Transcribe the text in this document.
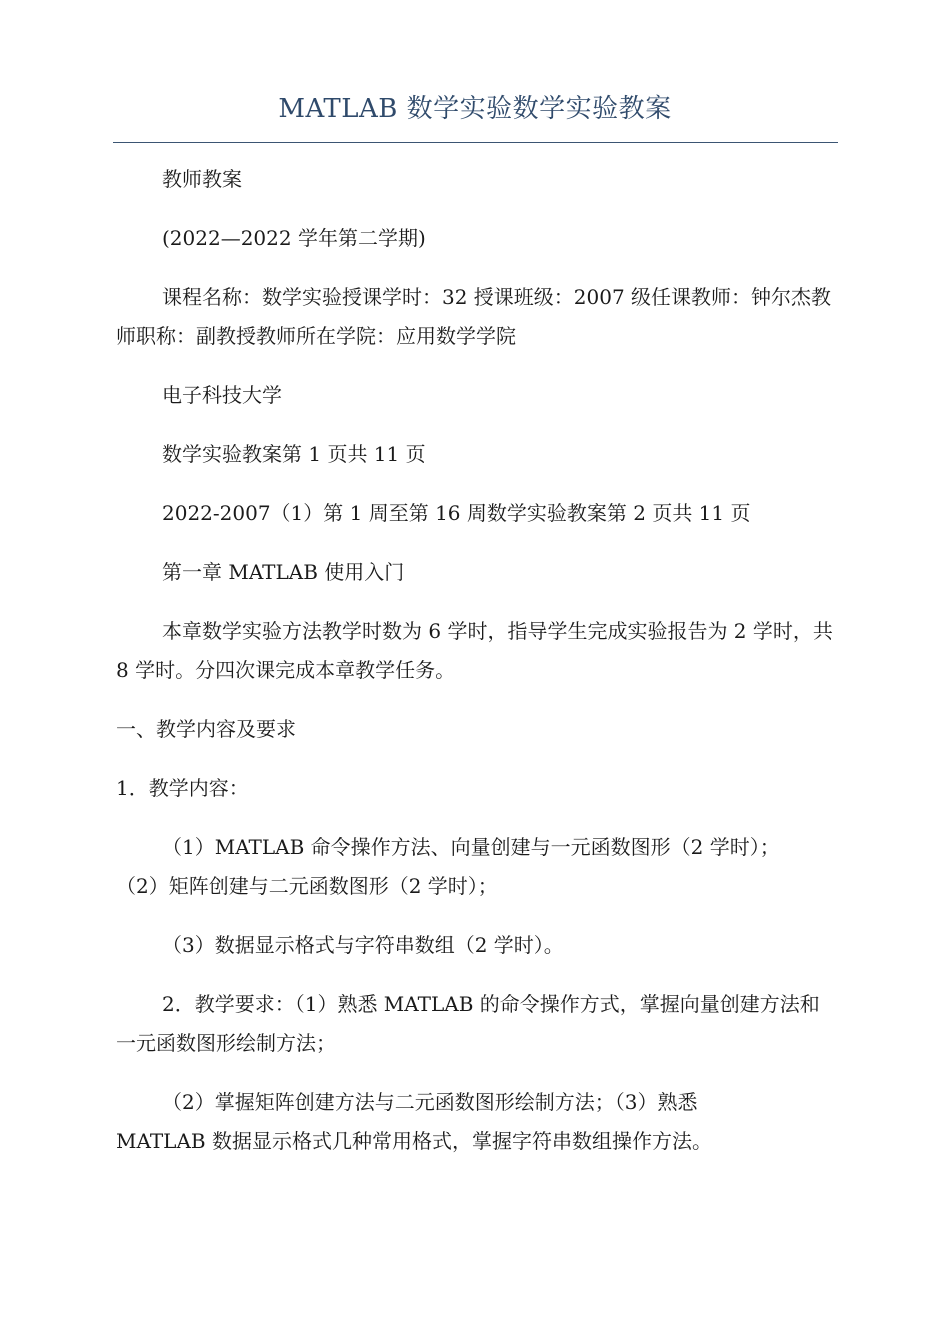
MATLAB 数学实验数学实验教案

教师教案

(2022—2022 学年第二学期)

课程名称：数学实验授课学时：32 授课班级：2007 级任课教师：钟尔杰教师职称：副教授教师所在学院：应用数学学院

电子科技大学

数学实验教案第 1 页共 11 页

2022-2007（1）第 1 周至第 16 周数学实验教案第 2 页共 11 页

第一章 MATLAB 使用入门

本章数学实验方法教学时数为 6 学时，指导学生完成实验报告为 2 学时，共 8 学时。分四次课完成本章教学任务。

一、教学内容及要求

1．教学内容：

（1）MATLAB 命令操作方法、向量创建与一元函数图形（2 学时）；

（2）矩阵创建与二元函数图形（2 学时）；

（3）数据显示格式与字符串数组（2 学时）。

2．教学要求：（1）熟悉 MATLAB 的命令操作方式，掌握向量创建方法和一元函数图形绘制方法；

（2）掌握矩阵创建方法与二元函数图形绘制方法；（3）熟悉

MATLAB 数据显示格式几种常用格式，掌握字符串数组操作方法。
